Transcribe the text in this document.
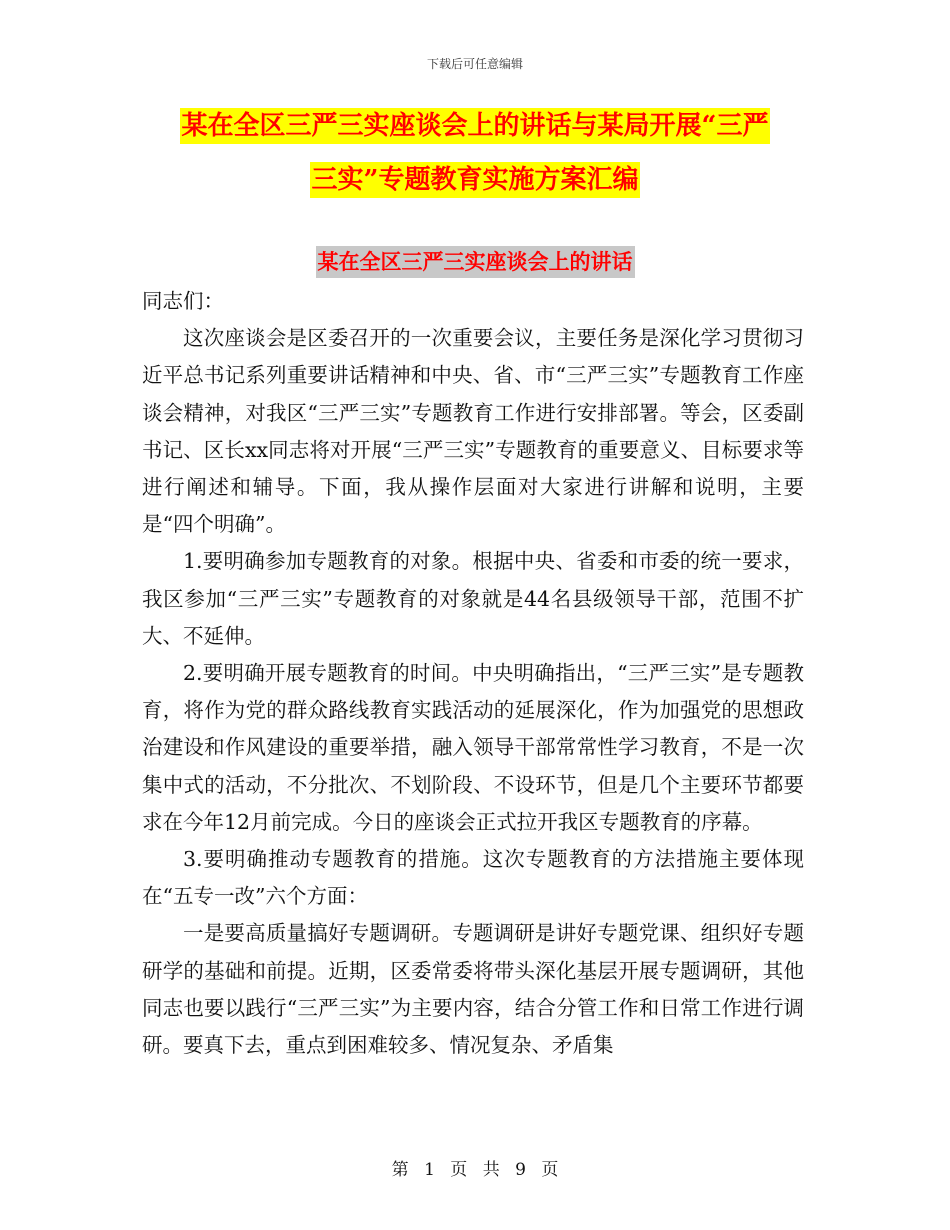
下载后可任意编辑
某在全区三严三实座谈会上的讲话与某局开展“三严
三实”专题教育实施方案汇编
某在全区三严三实座谈会上的讲话

同志们：

这次座谈会是区委召开的一次重要会议，主要任务是深化学习贯彻习近平总书记系列重要讲话精神和中央、省、市“三严三实”专题教育工作座谈会精神，对我区“三严三实”专题教育工作进行安排部署。等会，区委副书记、区长xx同志将对开展“三严三实”专题教育的重要意义、目标要求等进行阐述和辅导。下面，我从操作层面对大家进行讲解和说明，主要是“四个明确”。

1.要明确参加专题教育的对象。根据中央、省委和市委的统一要求，我区参加“三严三实”专题教育的对象就是44名县级领导干部，范围不扩大、不延伸。

2.要明确开展专题教育的时间。中央明确指出，“三严三实”是专题教育，将作为党的群众路线教育实践活动的延展深化，作为加强党的思想政治建设和作风建设的重要举措，融入领导干部常常性学习教育，不是一次集中式的活动，不分批次、不划阶段、不设环节，但是几个主要环节都要求在今年12月前完成。今日的座谈会正式拉开我区专题教育的序幕。

3.要明确推动专题教育的措施。这次专题教育的方法措施主要体现在“五专一改”六个方面：

一是要高质量搞好专题调研。专题调研是讲好专题党课、组织好专题研学的基础和前提。近期，区委常委将带头深化基层开展专题调研，其他同志也要以践行“三严三实”为主要内容，结合分管工作和日常工作进行调研。要真下去，重点到困难较多、情况复杂、矛盾集

第 1 页 共 9 页
